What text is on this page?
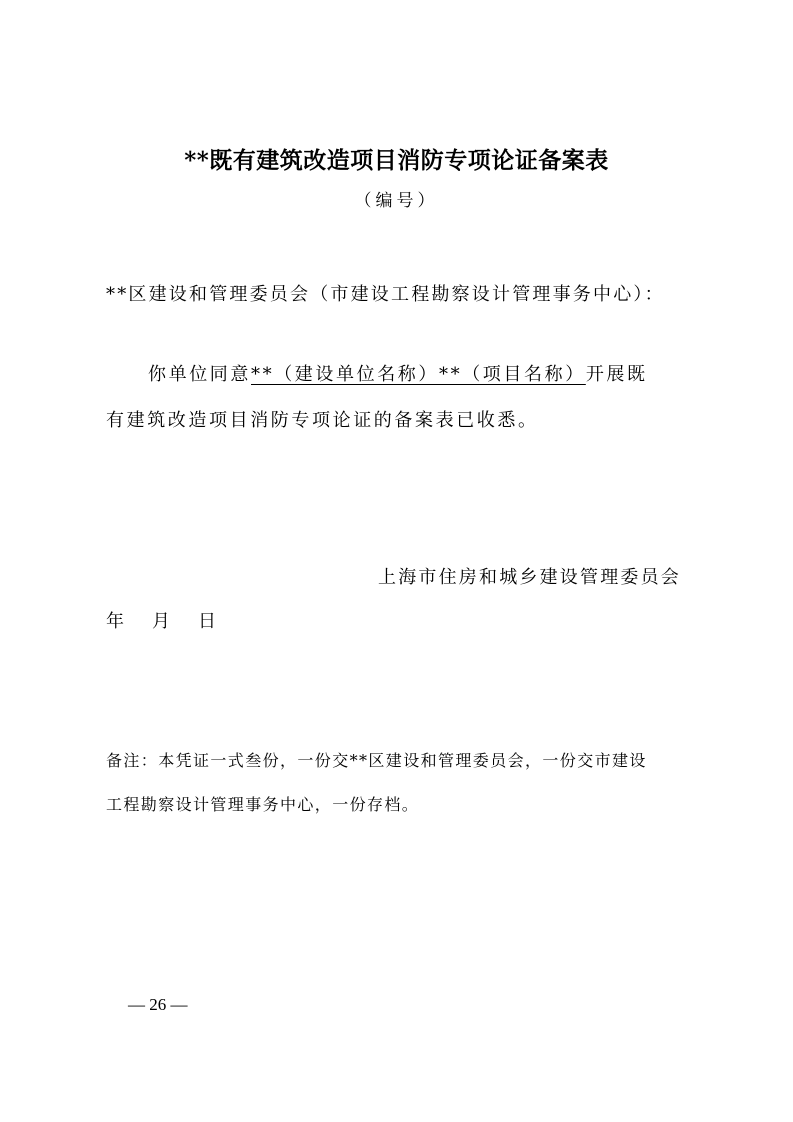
**既有建筑改造项目消防专项论证备案表
（编号）
**区建设和管理委员会（市建设工程勘察设计管理事务中心）：
你单位同意**（建设单位名称）**（项目名称）开展既
有建筑改造项目消防专项论证的备案表已收悉。
上海市住房和城乡建设管理委员会
年 月 日
备注：本凭证一式叁份，一份交**区建设和管理委员会，一份交市建设
工程勘察设计管理事务中心，一份存档。
— 26 —
